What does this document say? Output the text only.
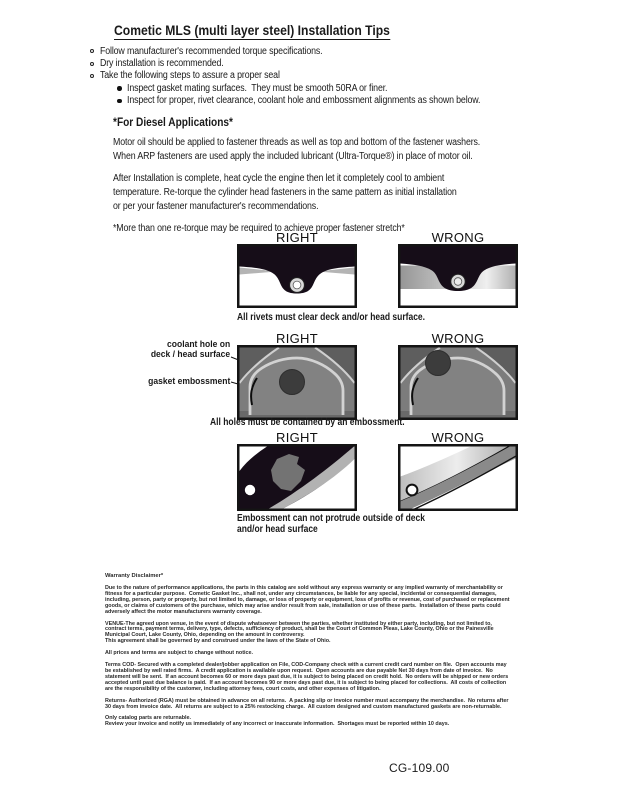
Cometic MLS (multi layer steel) Installation Tips
Follow manufacturer's recommended torque specifications.
Dry installation is recommended.
Take the following steps to assure a proper seal
Inspect gasket mating surfaces.  They must be smooth 50RA or finer.
Inspect for proper, rivet clearance, coolant hole and embossment alignments as shown below.
*For Diesel Applications*
Motor oil should be applied to fastener threads as well as top and bottom of the fastener washers.
When ARP fasteners are used apply the included lubricant (Ultra-Torque®) in place of motor oil.
After Installation is complete, heat cycle the engine then let it completely cool to ambient
temperature. Re-torque the cylinder head fasteners in the same pattern as initial installation
or per your fastener manufacturer's recommendations.
*More than one re-torque may be required to achieve proper fastener stretch*
RIGHT	WRONG
All rivets must clear deck and/or head surface.
RIGHT	WRONG
coolant hole on
deck / head surface
gasket embossment
All holes must be contained by an embossment.
RIGHT	WRONG
Embossment can not protrude outside of deck
and/or head surface
Warranty Disclaimer*
Due to the nature of performance applications, the parts in this catalog are sold without any express warranty or any implied warranty of merchantability or
fitness for a particular purpose.  Cometic Gasket Inc., shall not, under any circumstances, be liable for any special, incidental or consequential damages,
including, person, party or property, but not limited to, damage, or loss of property or equipment, loss of profits or revenue, cost of purchased or replacement
goods, or claims of customers of the purchase, which may arise and/or result from sale, installation or use of these parts.  Installation of these parts could
adversely affect the motor manufacturers warranty coverage.
VENUE-The agreed upon venue, in the event of dispute whatsoever between the parties, whether instituted by either party, including, but not limited to,
contract terms, payment terms, delivery, type, defects, sufficiency of product, shall be the Court of Common Pleas, Lake County, Ohio or the Painesville
Municipal Court, Lake County, Ohio, depending on the amount in controversy.
This agreement shall be governed by and construed under the laws of the State of Ohio.
All prices and terms are subject to change without notice.
Terms COD- Secured with a completed dealer/jobber application on File, COD-Company check with a current credit card number on file.  Open accounts may
be established by well rated firms.  A credit application is available upon request.  Open accounts are due payable Net 30 days from date of invoice.  No
statement will be sent.  If an account becomes 60 or more days past due, it is subject to being placed on credit hold.  No orders will be shipped or new orders
accepted until past due balance is paid.  If an account becomes 90 or more days past due, it is subject to being placed for collections.  All costs of collection
are the responsibility of the customer, including attorney fees, court costs, and other expenses of litigation.
Returns- Authorized (RGA) must be obtained in advance on all returns.  A packing slip or invoice number must accompany the merchandise.  No returns after
30 days from invoice date.  All returns are subject to a 25% restocking charge.  All custom designed and custom manufactured gaskets are non-returnable.
Only catalog parts are returnable.
Review your invoice and notify us immediately of any incorrect or inaccurate information.  Shortages must be reported within 10 days.
CG-109.00
